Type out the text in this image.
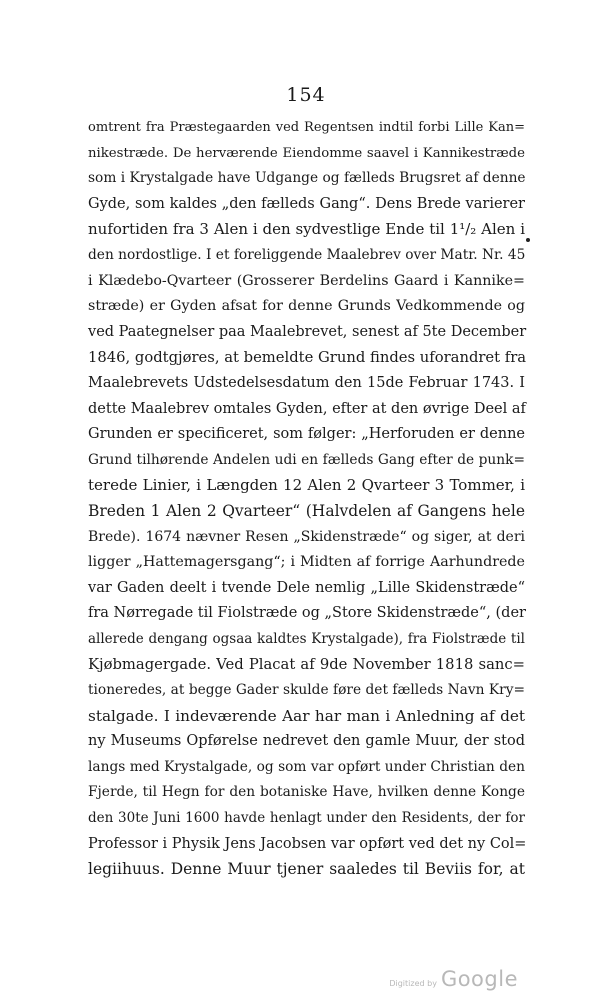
154
omtrent fra Præstegaarden ved Regentsen indtil forbi Lille Kan=
nikestræde. De herværende Eiendomme saavel i Kannikestræde
som i Krystalgade have Udgange og fælleds Brugsret af denne
Gyde, som kaldes „den fælleds Gang“. Dens Brede varierer
nufortiden fra 3 Alen i den sydvestlige Ende til 1¹/₂ Alen i
den nordostlige. I et foreliggende Maalebrev over Matr. Nr. 45
i Klædebo-Qvarteer (Grosserer Berdelins Gaard i Kannike=
stræde) er Gyden afsat for denne Grunds Vedkommende og
ved Paategnelser paa Maalebrevet, senest af 5te December
1846, godtgjøres, at bemeldte Grund findes uforandret fra
Maalebrevets Udstedelsesdatum den 15de Februar 1743. I
dette Maalebrev omtales Gyden, efter at den øvrige Deel af
Grunden er specificeret, som følger: „Herforuden er denne
Grund tilhørende Andelen udi en fælleds Gang efter de punk=
terede Linier, i Længden 12 Alen 2 Qvarteer 3 Tommer, i
Breden 1 Alen 2 Qvarteer“ (Halvdelen af Gangens hele
Brede). 1674 nævner Resen „Skidenstræde“ og siger, at deri
ligger „Hattemagersgang“; i Midten af forrige Aarhundrede
var Gaden deelt i tvende Dele nemlig „Lille Skidenstræde“
fra Nørregade til Fiolstræde og „Store Skidenstræde“, (der
allerede dengang ogsaa kaldtes Krystalgade), fra Fiolstræde til
Kjøbmagergade. Ved Placat af 9de November 1818 sanc=
tioneredes, at begge Gader skulde føre det fælleds Navn Kry=
stalgade. I indeværende Aar har man i Anledning af det
ny Museums Opførelse nedrevet den gamle Muur, der stod
langs med Krystalgade, og som var opført under Christian den
Fjerde, til Hegn for den botaniske Have, hvilken denne Konge
den 30te Juni 1600 havde henlagt under den Residents, der for
Professor i Physik Jens Jacobsen var opført ved det ny Col=
legiihuus. Denne Muur tjener saaledes til Beviis for, at
Digitized by Google
